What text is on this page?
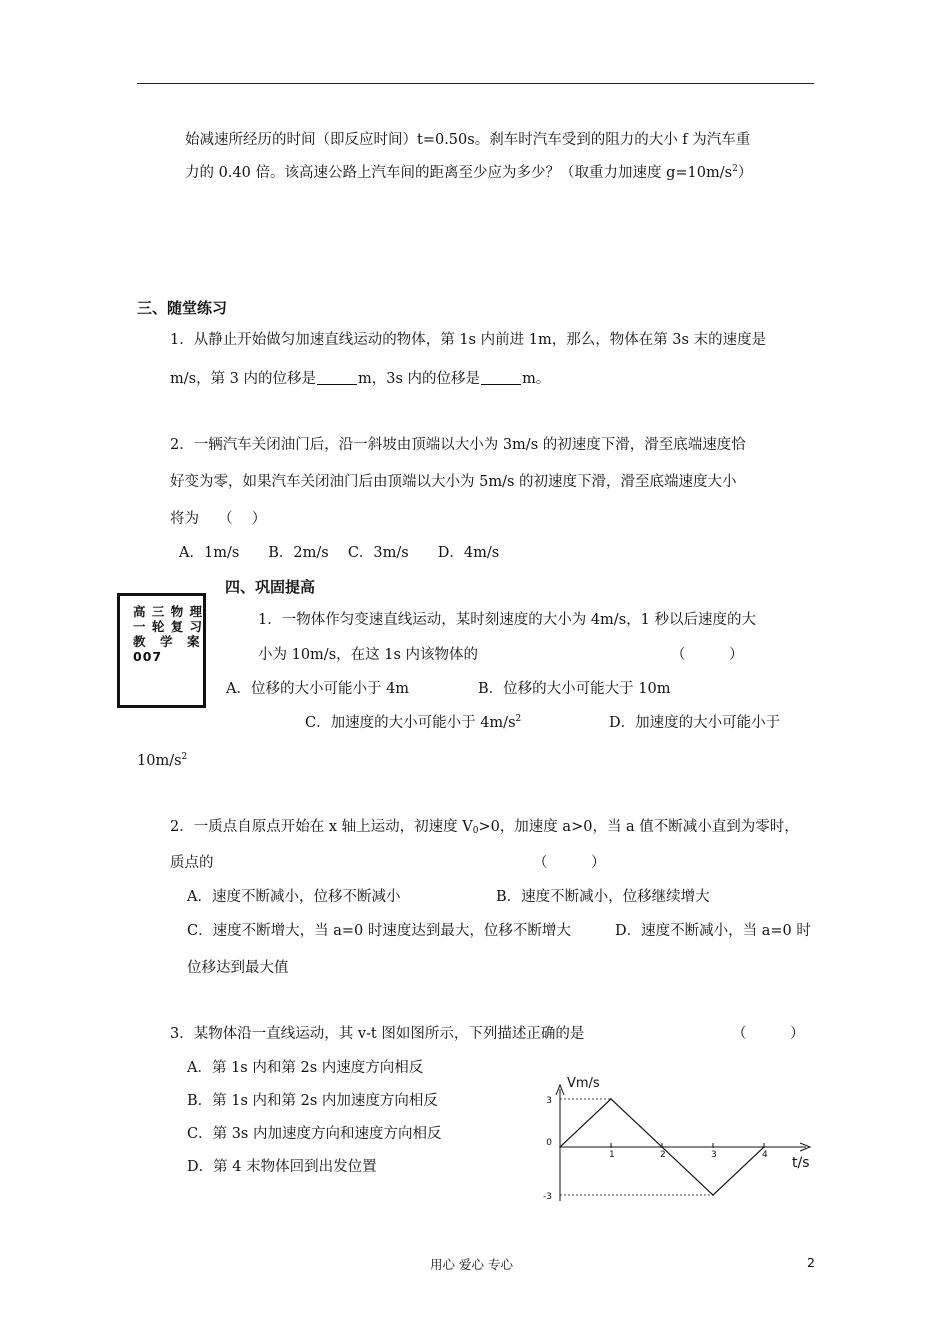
始减速所经历的时间（即反应时间）t=0.50s。刹车时汽车受到的阻力的大小 f 为汽车重
力的 0.40 倍。该高速公路上汽车间的距离至少应为多少？（取重力加速度 $g=10m/s^2$）
三、随堂练习
1．从静止开始做匀加速直线运动的物体，第 1s 内前进 1m，那么，物体在第 3s 末的速度是
m/s，第 3 内的位移是	m，3s 内的位移是	m。
2．一辆汽车关闭油门后，沿一斜坡由顶端以大小为 3m/s 的初速度下滑，滑至底端速度恰
好变为零，如果汽车关闭油门后由顶端以大小为 5m/s 的初速度下滑，滑至底端速度大小
将为　 （　 ）
A．1m/s　　B．2m/s　 C．3m/s　　D．4m/s
四、巩固提高
高 三 物 理
一 轮 复 习
教　学　案
007
1．一物体作匀变速直线运动，某时刻速度的大小为 4m/s，1 秒以后速度的大
小为 10m/s，在这 1s 内该物体的	（　　　）
A．位移的大小可能小于 4m	B．位移的大小可能大于 10m
C．加速度的大小可能小于 $4m/s^2$	D．加速度的大小可能小于
$10m/s^2$
2．一质点自原点开始在 x 轴上运动，初速度 $V_0>0$，加速度 a>0，当 a 值不断减小直到为零时，
质点的	（　　　）
A．速度不断减小，位移不断减小	B．速度不断减小，位移继续增大
C．速度不断增大，当 a=0 时速度达到最大，位移不断增大	D．速度不断减小，当 a=0 时
位移达到最大值
3．某物体沿一直线运动，其 v-t 图如图所示，下列描述正确的是	（　　　）
A．第 1s 内和第 2s 内速度方向相反
B．第 1s 内和第 2s 内加速度方向相反
C．第 3s 内加速度方向和速度方向相反
D．第 4 末物体回到出发位置
Vm/s
t/s
3
0
-3
1	2	3	4
用心 爱心 专心	2
